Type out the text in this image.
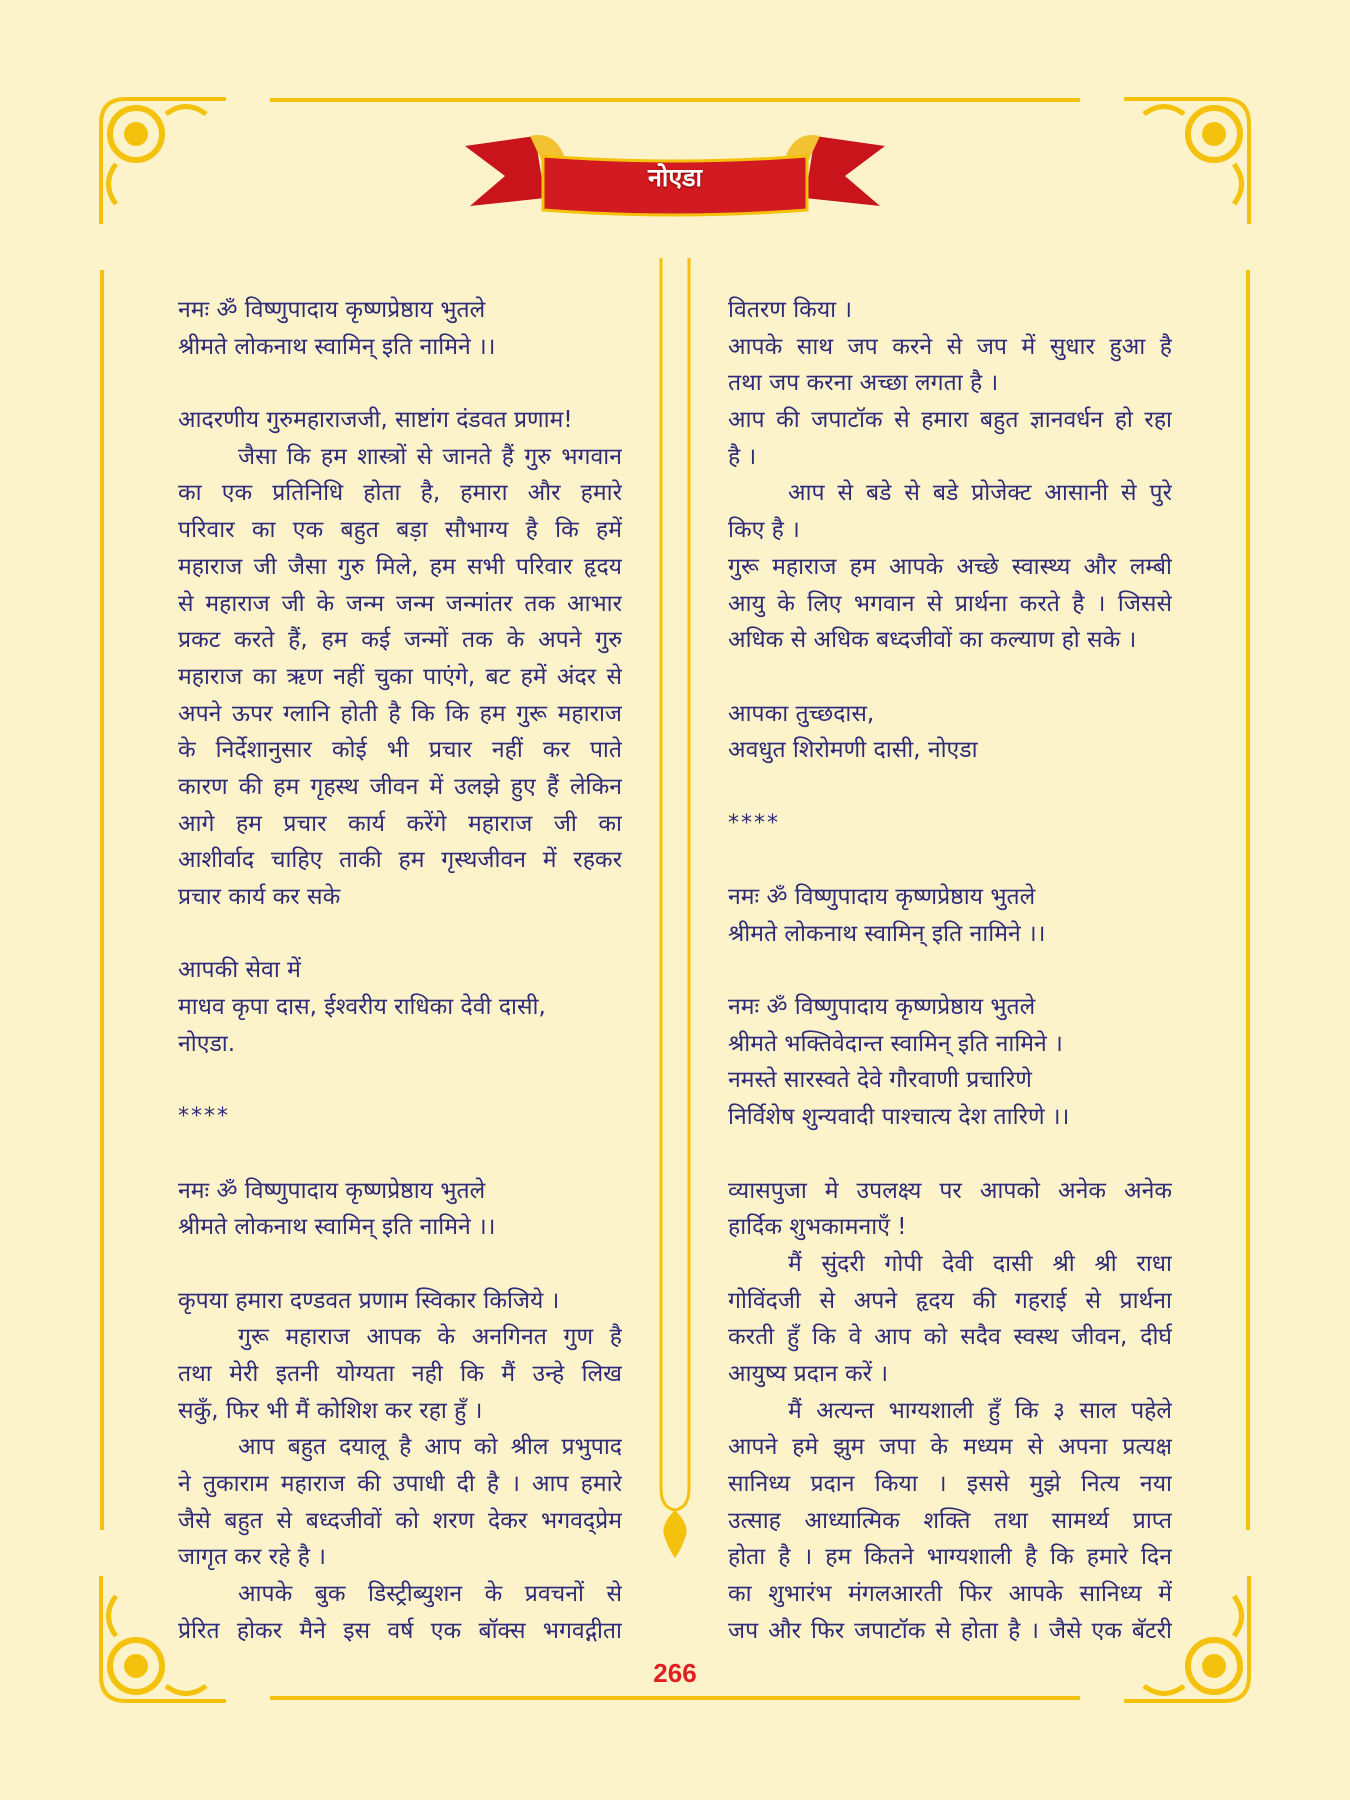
नोएडा
नमः ॐ विष्णुपादाय कृष्णप्रेष्ठाय भुतले
श्रीमते लोकनाथ स्वामिन् इति नामिने ।।
आदरणीय गुरुमहाराजजी, साष्टांग दंडवत प्रणाम!
जैसा कि हम शास्त्रों से जानते हैं गुरु भगवान
का एक प्रतिनिधि होता है, हमारा और हमारे
परिवार का एक बहुत बड़ा सौभाग्य है कि हमें
महाराज जी जैसा गुरु मिले, हम सभी परिवार हृदय
से महाराज जी के जन्म जन्म जन्मांतर तक आभार
प्रकट करते हैं, हम कई जन्मों तक के अपने गुरु
महाराज का ऋण नहीं चुका पाएंगे, बट हमें अंदर से
अपने ऊपर ग्लानि होती है कि कि हम गुरू महाराज
के निर्देशानुसार कोई भी प्रचार नहीं कर पाते
कारण की हम गृहस्थ जीवन में उलझे हुए हैं लेकिन
आगे हम प्रचार कार्य करेंगे महाराज जी का
आशीर्वाद चाहिए ताकी हम गृस्थजीवन में रहकर
प्रचार कार्य कर सके
आपकी सेवा में
माधव कृपा दास, ईश्वरीय राधिका देवी दासी,
नोएडा.
****
नमः ॐ विष्णुपादाय कृष्णप्रेष्ठाय भुतले
श्रीमते लोकनाथ स्वामिन् इति नामिने ।।
कृपया हमारा दण्डवत प्रणाम स्विकार किजिये ।
गुरू महाराज आपक के अनगिनत गुण है
तथा मेरी इतनी योग्यता नही कि मैं उन्हे लिख
सकुँ, फिर भी मैं कोशिश कर रहा हुँ ।
आप बहुत दयालू है आप को श्रील प्रभुपाद
ने तुकाराम महाराज की उपाधी दी है । आप हमारे
जैसे बहुत से बध्दजीवों को शरण देकर भगवद्प्रेम
जागृत कर रहे है ।
आपके बुक डिस्ट्रीब्युशन के प्रवचनों से
प्रेरित होकर मैने इस वर्ष एक बॉक्स भगवद्गीता
वितरण किया ।
आपके साथ जप करने से जप में सुधार हुआ है
तथा जप करना अच्छा लगता है ।
आप की जपाटॉक से हमारा बहुत ज्ञानवर्धन हो रहा
है ।
आप से बडे से बडे प्रोजेक्ट आसानी से पुरे
किए है ।
गुरू महाराज हम आपके अच्छे स्वास्थ्य और लम्बी
आयु के लिए भगवान से प्रार्थना करते है । जिससे
अधिक से अधिक बध्दजीवों का कल्याण हो सके ।
आपका तुच्छदास,
अवधुत शिरोमणी दासी, नोएडा
****
नमः ॐ विष्णुपादाय कृष्णप्रेष्ठाय भुतले
श्रीमते लोकनाथ स्वामिन् इति नामिने ।।
नमः ॐ विष्णुपादाय कृष्णप्रेष्ठाय भुतले
श्रीमते भक्तिवेदान्त स्वामिन् इति नामिने ।
नमस्ते सारस्वते देवे गौरवाणी प्रचारिणे
निर्विशेष शुन्यवादी पाश्चात्य देश तारिणे ।।
व्यासपुजा मे उपलक्ष्य पर आपको अनेक अनेक
हार्दिक शुभकामनाएँ !
मैं सुंदरी गोपी देवी दासी श्री श्री राधा
गोविंदजी से अपने हृदय की गहराई से प्रार्थना
करती हुँ कि वे आप को सदैव स्वस्थ जीवन, दीर्घ
आयुष्य प्रदान करें ।
मैं अत्यन्त भाग्यशाली हुँ कि ३ साल पहेले
आपने हमे झुम जपा के मध्यम से अपना प्रत्यक्ष
सानिध्य प्रदान किया । इससे मुझे नित्य नया
उत्साह आध्यात्मिक शक्ति तथा सामर्थ्य प्राप्त
होता है । हम कितने भाग्यशाली है कि हमारे दिन
का शुभारंभ मंगलआरती फिर आपके सानिध्य में
जप और फिर जपाटॉक से होता है । जैसे एक बॅटरी
266
